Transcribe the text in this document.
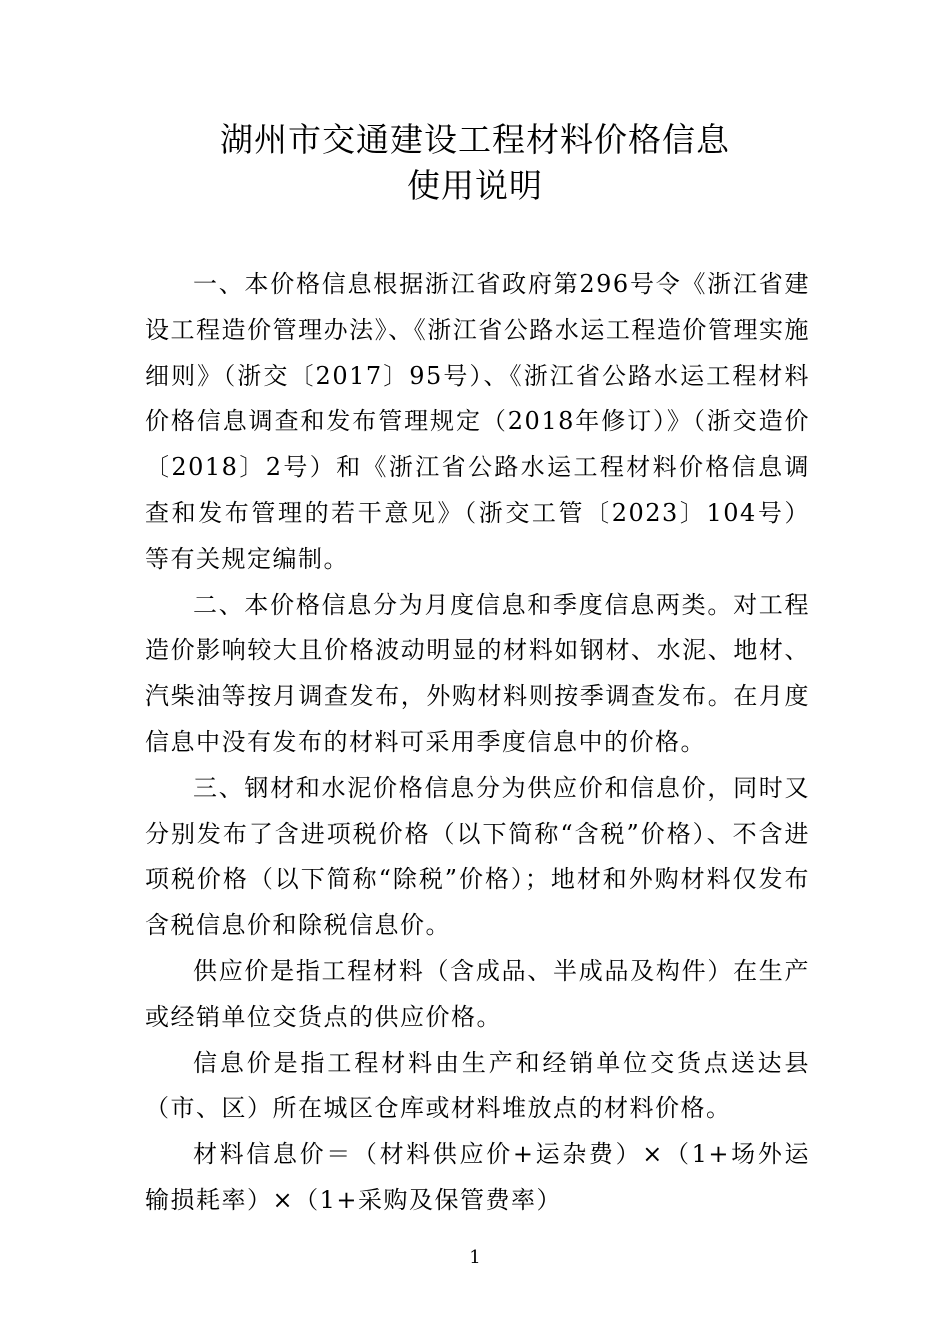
湖州市交通建设工程材料价格信息
使用说明

一、本价格信息根据浙江省政府第296号令《浙江省建设工程造价管理办法》、《浙江省公路水运工程造价管理实施细则》（浙交〔2017〕95号）、《浙江省公路水运工程材料价格信息调查和发布管理规定（2018年修订）》（浙交造价〔2018〕2号）和《浙江省公路水运工程材料价格信息调查和发布管理的若干意见》（浙交工管〔2023〕104号）等有关规定编制。

二、本价格信息分为月度信息和季度信息两类。对工程造价影响较大且价格波动明显的材料如钢材、水泥、地材、汽柴油等按月调查发布，外购材料则按季调查发布。在月度信息中没有发布的材料可采用季度信息中的价格。

三、钢材和水泥价格信息分为供应价和信息价，同时又分别发布了含进项税价格（以下简称“含税”价格）、不含进项税价格（以下简称“除税”价格）；地材和外购材料仅发布含税信息价和除税信息价。

供应价是指工程材料（含成品、半成品及构件）在生产或经销单位交货点的供应价格。

信息价是指工程材料由生产和经销单位交货点送达县（市、区）所在城区仓库或材料堆放点的材料价格。

材料信息价＝（材料供应价+运杂费）×（1+场外运输损耗率）×（1+采购及保管费率）

1
